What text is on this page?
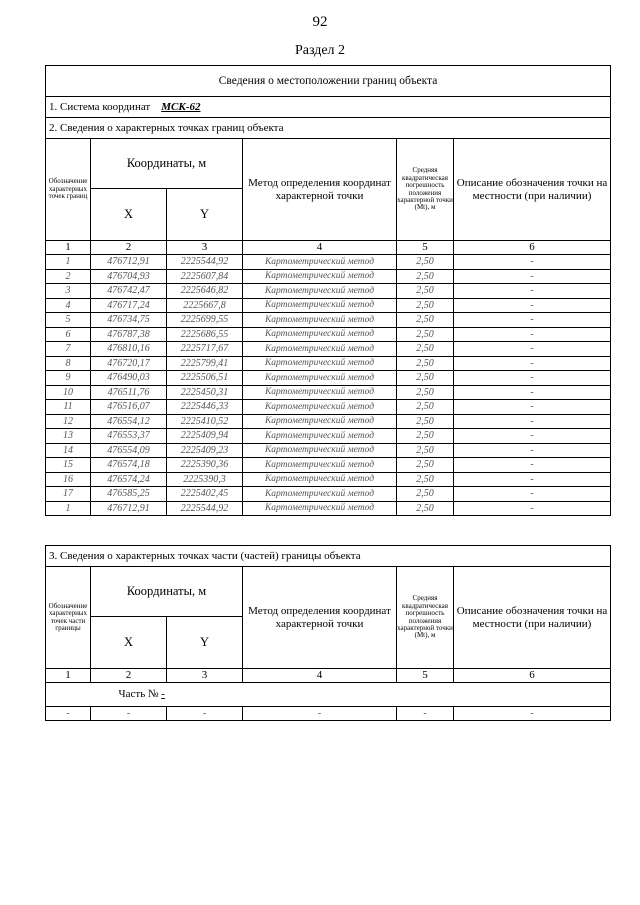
92
Раздел 2
Сведения о местоположении границ объекта					
1. Система координат МСК-62					
2. Сведения о характерных точках границ объекта					
Обозначение характерных точек границ	Координаты, м		Метод определения координат характерной точки	Средняя квадратическая погрешность положения характерной точки (Mt), м	Описание обозначения точки на местности (при наличии)
	X	Y			
1	2	3	4	5	6
1	476712,91	2225544,92	Картометрический метод	2,50	-
2	476704,93	2225607,84	Картометрический метод	2,50	-
3	476742,47	2225646,82	Картометрический метод	2,50	-
4	476717,24	2225667,8	Картометрический метод	2,50	-
5	476734,75	2225699,55	Картометрический метод	2,50	-
6	476787,38	2225686,55	Картометрический метод	2,50	-
7	476810,16	2225717,67	Картометрический метод	2,50	-
8	476720,17	2225799,41	Картометрический метод	2,50	-
9	476490,03	2225506,51	Картометрический метод	2,50	-
10	476511,76	2225450,31	Картометрический метод	2,50	-
11	476516,07	2225446,33	Картометрический метод	2,50	-
12	476554,12	2225410,52	Картометрический метод	2,50	-
13	476553,37	2225409,94	Картометрический метод	2,50	-
14	476554,09	2225409,23	Картометрический метод	2,50	-
15	476574,18	2225390,36	Картометрический метод	2,50	-
16	476574,24	2225390,3	Картометрический метод	2,50	-
17	476585,25	2225402,45	Картометрический метод	2,50	-
1	476712,91	2225544,92	Картометрический метод	2,50	-
3. Сведения о характерных точках части (частей) границы объекта					
Обозначение характерных точек части границы	Координаты, м		Метод определения координат характерной точки	Средняя квадратическая погрешность положения характерной точки (Mt), м	Описание обозначения точки на местности (при наличии)
	X	Y			
1	2	3	4	5	6
	Часть № -				
-	-	-	-	-	-
